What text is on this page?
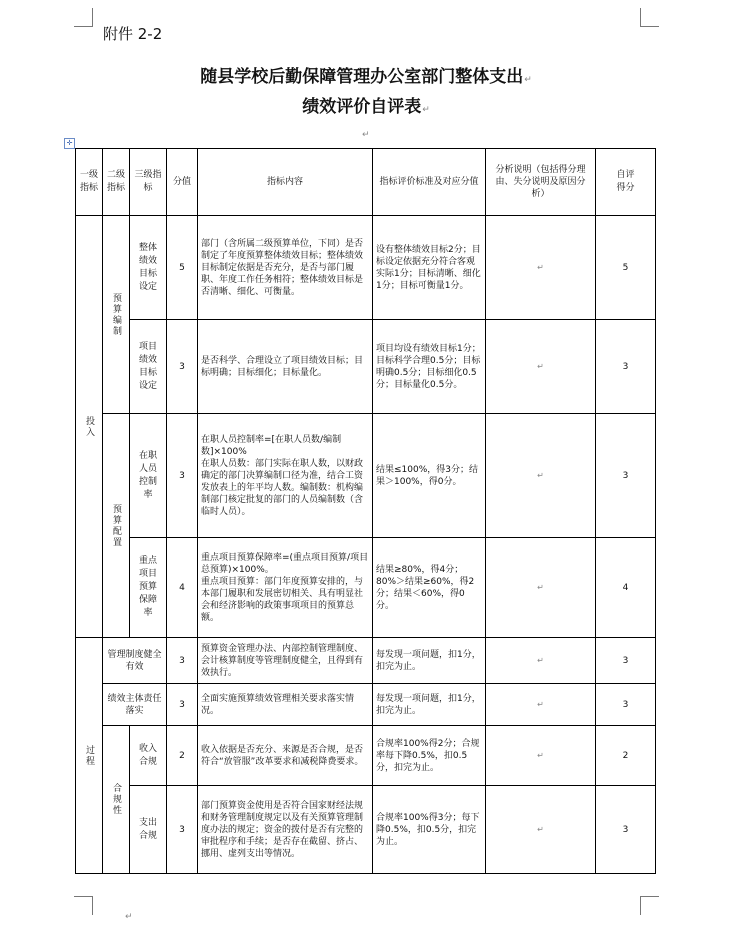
附件 2-2
随县学校后勤保障管理办公室部门整体支出↵
绩效评价自评表↵
↵
✛
一级指标	二级指标	三级指标	分值	指标内容	指标评价标准及对应分值	分析说明（包括得分理由、失分说明及原因分析）	自评得分

投入	预算编制	整体绩效目标设定	5	部门（含所属二级预算单位，下同）是否制定了年度预算整体绩效目标；整体绩效目标制定依据是否充分，是否与部门履职、年度工作任务相符；整体绩效目标是否清晰、细化、可衡量。	设有整体绩效目标2分；目标设定依据充分符合客观实际1分；目标清晰、细化1分；目标可衡量1分。	↵	5

		项目绩效目标设定	3	是否科学、合理设立了项目绩效目标；目标明确；目标细化；目标量化。	项目均设有绩效目标1分；目标科学合理0.5分；目标明确0.5分；目标细化0.5分；目标量化0.5分。	↵	3

	预算配置	在职人员控制率	3	在职人员控制率=[在职人员数/编制数]×100%
在职人员数：部门实际在职人数，以财政确定的部门决算编制口径为准，结合工资发放表上的年平均人数。编制数：机构编制部门核定批复的部门的人员编制数（含临时人员）。	结果≤100%，得3分；结果＞100%，得0分。	↵	3

		重点项目预算保障率	4	重点项目预算保障率=(重点项目预算/项目总预算)×100%。
重点项目预算：部门年度预算安排的，与本部门履职和发展密切相关、具有明显社会和经济影响的政策事项项目的预算总额。	结果≥80%，得4分；80%＞结果≥60%，得2分；结果＜60%，得0分。	↵	4

过程	管理制度健全有效		3	预算资金管理办法、内部控制管理制度、会计核算制度等管理制度健全，且得到有效执行。	每发现一项问题，扣1分，扣完为止。	↵	3
	绩效主体责任落实		3	全面实施预算绩效管理相关要求落实情况。	每发现一项问题，扣1分，扣完为止。	↵	3

	合规性	收入合规	2	收入依据是否充分、来源是否合规，是否符合“放管服”改革要求和减税降费要求。	合规率100%得2分；合规率每下降0.5%，扣0.5分，扣完为止。	↵	2

		支出合规	3	部门预算资金使用是否符合国家财经法规和财务管理制度规定以及有关预算管理制度办法的规定；资金的拨付是否有完整的审批程序和手续；是否存在截留、挤占、挪用、虚列支出等情况。	合规率100%得3分；每下降0.5%，扣0.5分，扣完为止。	↵	3
↵
